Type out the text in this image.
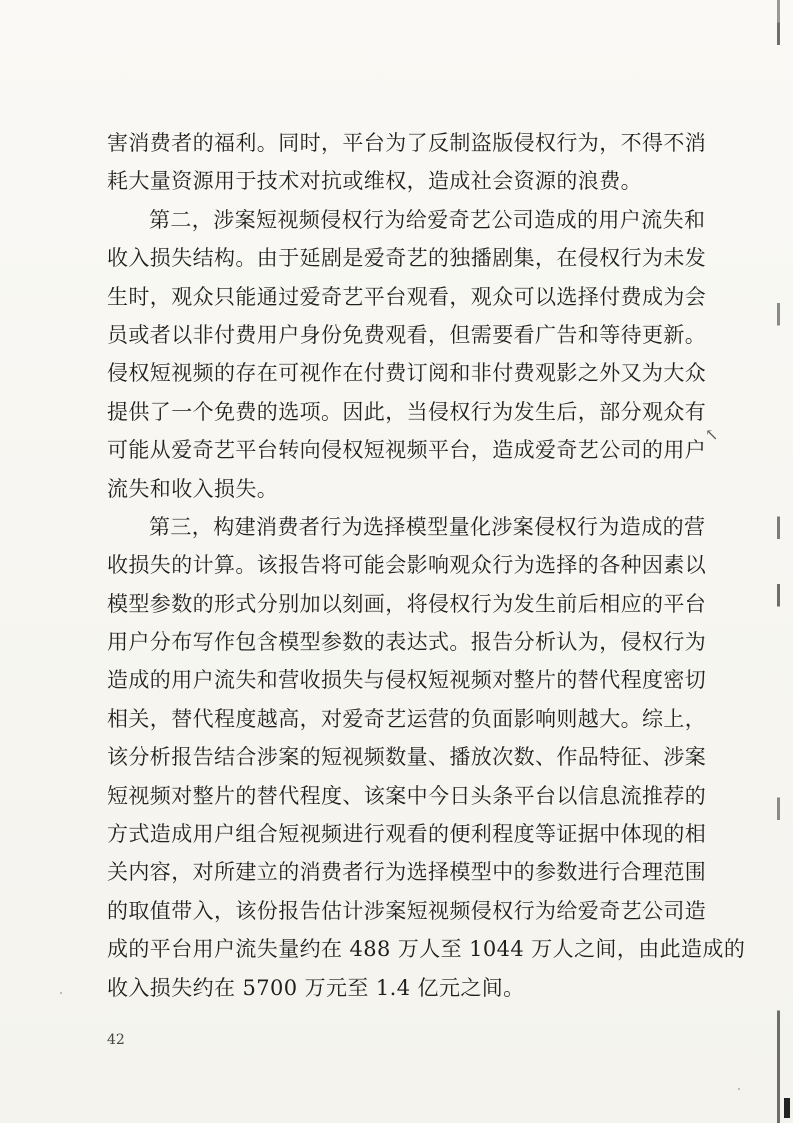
害消费者的福利。同时，平台为了反制盗版侵权行为，不得不消
耗大量资源用于技术对抗或维权，造成社会资源的浪费。
第二，涉案短视频侵权行为给爱奇艺公司造成的用户流失和
收入损失结构。由于延剧是爱奇艺的独播剧集，在侵权行为未发
生时，观众只能通过爱奇艺平台观看，观众可以选择付费成为会
员或者以非付费用户身份免费观看，但需要看广告和等待更新。
侵权短视频的存在可视作在付费订阅和非付费观影之外又为大众
提供了一个免费的选项。因此，当侵权行为发生后，部分观众有
可能从爱奇艺平台转向侵权短视频平台，造成爱奇艺公司的用户
流失和收入损失。
第三，构建消费者行为选择模型量化涉案侵权行为造成的营
收损失的计算。该报告将可能会影响观众行为选择的各种因素以
模型参数的形式分别加以刻画，将侵权行为发生前后相应的平台
用户分布写作包含模型参数的表达式。报告分析认为，侵权行为
造成的用户流失和营收损失与侵权短视频对整片的替代程度密切
相关，替代程度越高，对爱奇艺运营的负面影响则越大。综上，
该分析报告结合涉案的短视频数量、播放次数、作品特征、涉案
短视频对整片的替代程度、该案中今日头条平台以信息流推荐的
方式造成用户组合短视频进行观看的便利程度等证据中体现的相
关内容，对所建立的消费者行为选择模型中的参数进行合理范围
的取值带入，该份报告估计涉案短视频侵权行为给爱奇艺公司造
成的平台用户流失量约在 488 万人至 1044 万人之间，由此造成的
收入损失约在 5700 万元至 1.4 亿元之间。
↖
42
